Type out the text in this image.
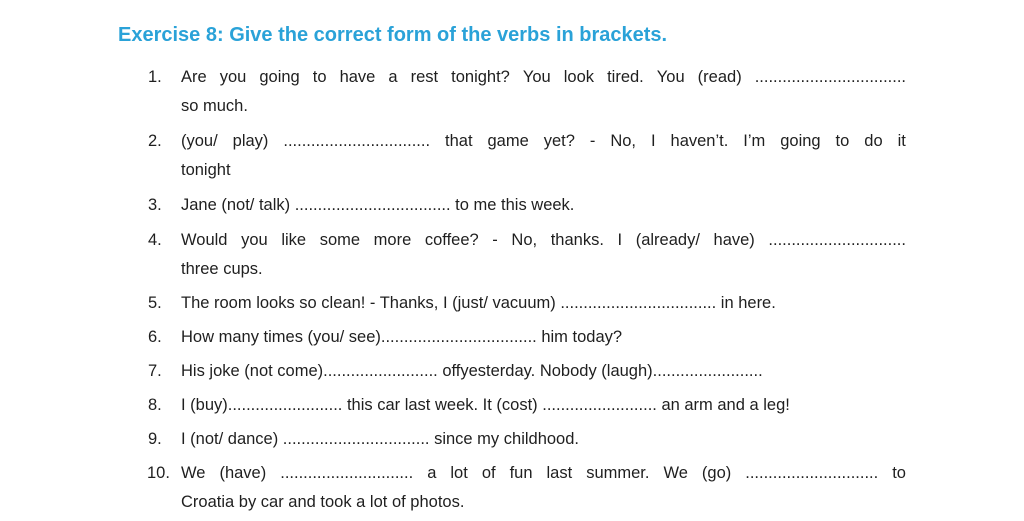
Exercise 8: Give the correct form of the verbs in brackets.
1.	Are you going to have a rest tonight? You look tired. You (read) .................................
so much.
2.	(you/ play) ................................ that game yet? - No, I haven’t. I’m going to do it
tonight
3.	Jane (not/ talk) .................................. to me this week.
4.	Would you like some more coffee? - No, thanks. I (already/ have) ..............................
three cups.
5.	The room looks so clean! - Thanks, I (just/ vacuum) .................................. in here.
6.	How many times (you/ see).................................. him today?
7.	His joke (not come)......................... offyesterday. Nobody (laugh)........................
8.	I (buy)......................... this car last week. It (cost) ......................... an arm and a leg!
9.	I (not/ dance) ................................ since my childhood.
10. We (have) ............................. a lot of fun last summer. We (go) ............................. to
Croatia by car and took a lot of photos.
